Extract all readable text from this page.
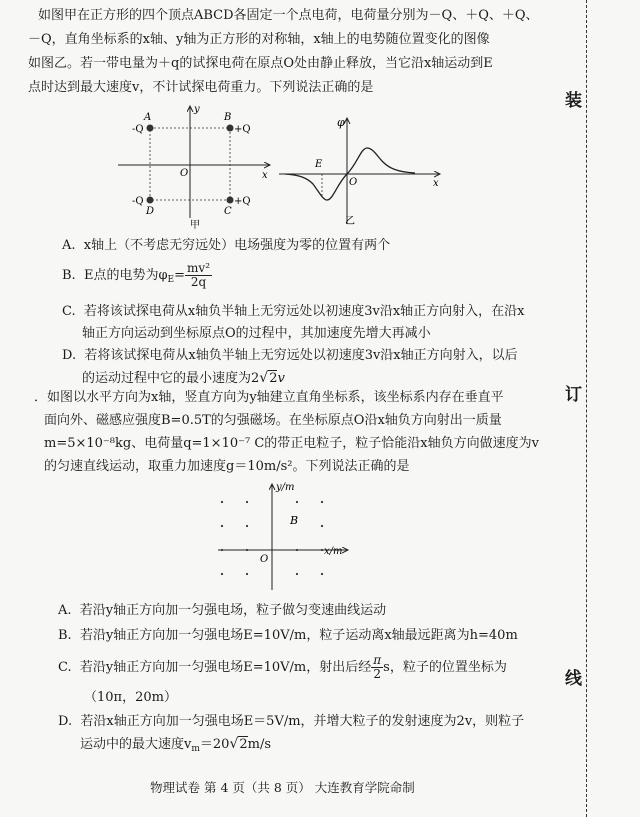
如图甲在正方形的四个顶点ABCD各固定一个点电荷，电荷量分别为－Q、＋Q、＋Q、
－Q，直角坐标系的x轴、y轴为正方形的对称轴，x轴上的电势随位置变化的图像
如图乙。若一带电量为＋q的试探电荷在原点O处由静止释放，当它沿x轴运动到E
点时达到最大速度v，不计试探电荷重力。下列说法正确的是
A
-Q
B
+Q
C
+Q
D
-Q
O	x
y
甲
E
O
φ
x
乙
A. x轴上（不考虑无穷远处）电场强度为零的位置有两个
B. E点的电势为$\varphi_E= \frac{\text{mv²}}{2q}$
C. 若将该试探电荷从x轴负半轴上无穷远处以初速度3v沿x轴正方向射入，在沿x
轴正方向运动到坐标原点O的过程中，其加速度先增大再减小
D. 若将该试探电荷从x轴负半轴上无穷远处以初速度3v沿x轴正方向射入，以后
的运动过程中它的最小速度为2√2v
．如图以水平方向为x轴，竖直方向为y轴建立直角坐标系，该坐标系内存在垂直平
面向外、磁感应强度B=0.5T的匀强磁场。在坐标原点O沿x轴负方向射出一质量
m=5×10⁻⁸kg、电荷量q=1×10⁻⁷ C的带正电粒子，粒子恰能沿x轴负方向做速度为v
的匀速直线运动，取重力加速度g＝10m/s²。下列说法正确的是
B
y/m
x/m
O
A. 若沿y轴正方向加一匀强电场，粒子做匀变速曲线运动
B. 若沿y轴正方向加一匀强电场E=10V/m，粒子运动离x轴最远距离为h=40m
C. 若沿y轴正方向加一匀强电场E=10V/m，射出后经 $\frac{\pi}{2}$ s，粒子的位置坐标为
（10π，20m）
D. 若沿x轴正方向加一匀强电场E＝5V/m，并增大粒子的发射速度为2v，则粒子
运动中的最大速度$v_m=20√2m/s$
物理试卷 第 4 页（共 8 页） 大连教育学院命制
装
订
线
